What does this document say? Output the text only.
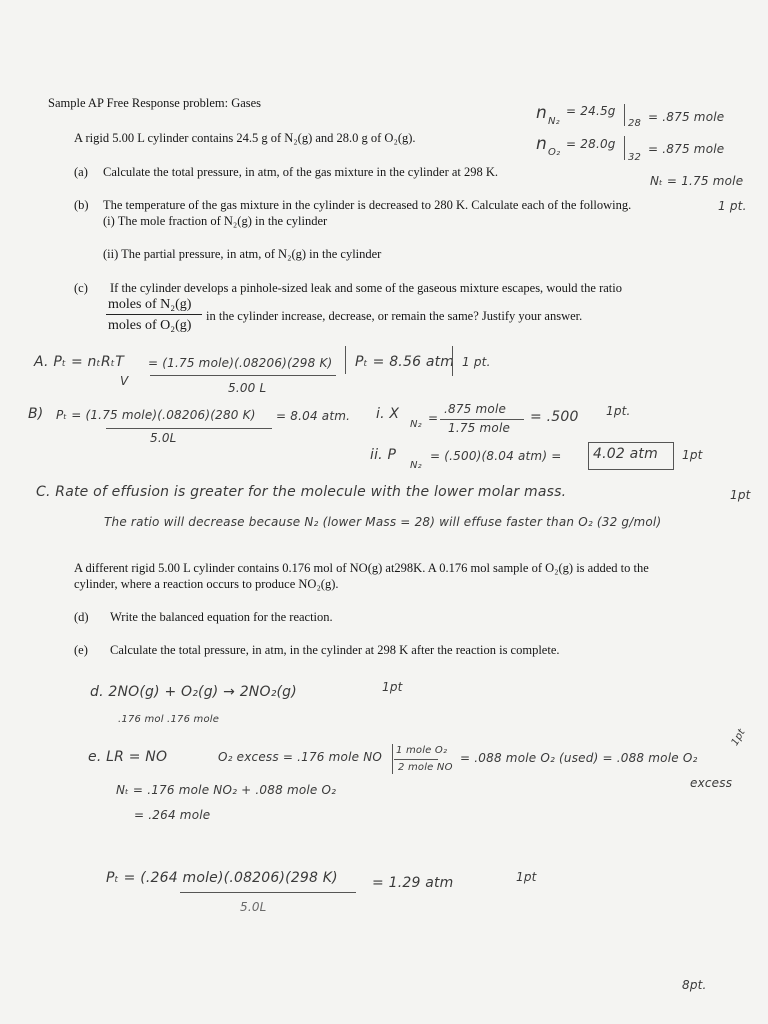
Sample AP Free Response problem: Gases
A rigid 5.00 L cylinder contains 24.5 g of N₂(g) and 28.0 g of O₂(g).
(a) Calculate the total pressure, in atm, of the gas mixture in the cylinder at 298 K.
(b) The temperature of the gas mixture in the cylinder is decreased to 280 K. Calculate each of the following.
(i) The mole fraction of N₂(g) in the cylinder
(ii) The partial pressure, in atm, of N₂(g) in the cylinder
(c) If the cylinder develops a pinhole-sized leak and some of the gaseous mixture escapes, would the ratio
moles of N₂(g)
moles of O₂(g)
in the cylinder increase, decrease, or remain the same? Justify your answer.
A different rigid 5.00 L cylinder contains 0.176 mol of NO(g) at298K. A 0.176 mol sample of O₂(g) is added to the
cylinder, where a reaction occurs to produce NO₂(g).
(d) Write the balanced equation for the reaction.
(e) Calculate the total pressure, in atm, in the cylinder at 298 K after the reaction is complete.
n N₂
= 24.5g
28 = .875 mole
n O₂
= 28.0g
32
= .875 mole
Nₜ = 1.75 mole
1 pt.
A. Pₜ = nₜRₜT
V
= (1.75 mole)(.08206)(298 K)
5.00 L
Pₜ = 8.56 atm 1 pt.
B) Pₜ = (1.75 mole)(.08206)(280 K)
5.0L
= 8.04 atm. i. X
N₂ =
.875 mole
1.75 mole
= .500 1pt.
ii. P
N₂
= (.500)(8.04 atm) = 4.02 atm 1pt
C. Rate of effusion is greater for the molecule with the lower molar mass.	1pt
The ratio will decrease because N₂ (lower Mass = 28) will effuse faster than O₂ (32 g/mol)
d. 2NO(g) + O₂(g) → 2NO₂(g)	1pt
.176 mol .176 mole
e. LR = NO	O₂ excess = .176 mole NO 1 mole O₂
2 mole NO
= .088 mole O₂ (used) = .088 mole O₂
1pt
excess
Nₜ = .176 mole NO₂ + .088 mole O₂
= .264 mole
Pₜ = (.264 mole)(.08206)(298 K)
5.0L
= 1.29 atm	1pt
8pt.
